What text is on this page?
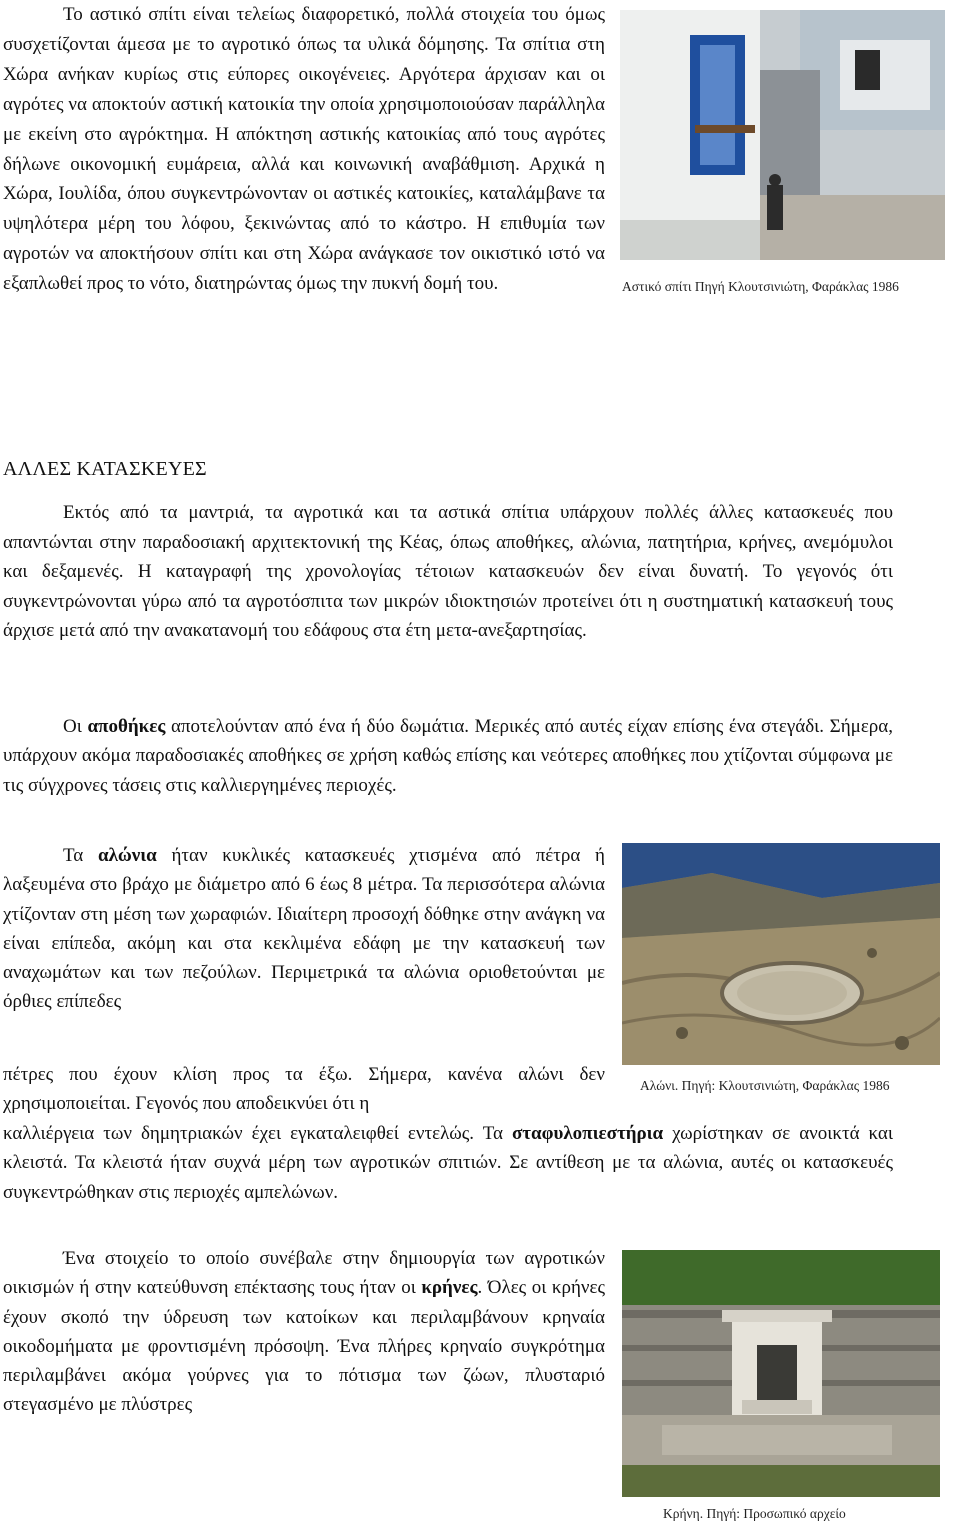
Το αστικό σπίτι είναι τελείως διαφορετικό, πολλά στοιχεία του όμως συσχετίζονται άμεσα με το αγροτικό όπως τα υλικά δόμησης. Τα σπίτια στη Χώρα ανήκαν κυρίως στις εύπορες οικογένειες. Αργότερα άρχισαν και οι αγρότες να αποκτούν αστική κατοικία την οποία χρησιμοποιούσαν παράλληλα με εκείνη στο αγρόκτημα. Η απόκτηση αστικής κατοικίας από τους αγρότες δήλωνε οικονομική ευμάρεια, αλλά και κοινωνική αναβάθμιση. Αρχικά η Χώρα, Ιουλίδα, όπου συγκεντρώνονταν οι αστικές κατοικίες, καταλάμβανε τα υψηλότερα μέρη του λόφου, ξεκινώντας από το κάστρο. Η επιθυμία των αγροτών να αποκτήσουν σπίτι και στη Χώρα ανάγκασε τον οικιστικό ιστό να εξαπλωθεί προς το νότο, διατηρώντας όμως την πυκνή δομή του.	Αστικό σπίτι Πηγή Κλουτσινιώτη, Φαράκλας 1986
ΑΛΛΕΣ ΚΑΤΑΣΚΕΥΕΣ

Εκτός από τα μαντριά, τα αγροτικά και τα αστικά σπίτια υπάρχουν πολλές άλλες κατασκευές που απαντώνται στην παραδοσιακή αρχιτεκτονική της Κέας, όπως αποθήκες, αλώνια, πατητήρια, κρήνες, ανεμόμυλοι και δεξαμενές. Η καταγραφή της χρονολογίας τέτοιων κατασκευών δεν είναι δυνατή. Το γεγονός ότι συγκεντρώνονται γύρω από τα αγροτόσπιτα των μικρών ιδιοκτησιών προτείνει ότι η συστηματική κατασκευή τους άρχισε μετά από την ανακατανομή του εδάφους στα έτη μετα-ανεξαρτησίας.

Οι αποθήκες αποτελούνταν από ένα ή δύο δωμάτια. Μερικές από αυτές είχαν επίσης ένα στεγάδι. Σήμερα, υπάρχουν ακόμα παραδοσιακές αποθήκες σε χρήση καθώς επίσης και νεότερες αποθήκες που χτίζονται σύμφωνα με τις σύγχρονες τάσεις στις καλλιεργημένες περιοχές.

Τα αλώνια ήταν κυκλικές κατασκευές χτισμένα από πέτρα ή λαξευμένα στο βράχο με διάμετρο από 6 έως 8 μέτρα. Τα περισσότερα αλώνια χτίζονταν στη μέση των χωραφιών. Ιδιαίτερη προσοχή δόθηκε στην ανάγκη να είναι επίπεδα, ακόμη και στα κεκλιμένα εδάφη με την κατασκευή των αναχωμάτων και των πεζούλων. Περιμετρικά τα αλώνια οριοθετούνται με όρθιες επίπεδες

πέτρες που έχουν κλίση προς τα έξω. Σήμερα, κανένα αλώνι δεν χρησιμοποιείται. Γεγονός που αποδεικνύει ότι η

Αλώνι. Πηγή: Κλουτσινιώτη, Φαράκλας 1986

καλλιέργεια των δημητριακών έχει εγκαταλειφθεί εντελώς. Τα σταφυλοπιεστήρια χωρίστηκαν σε ανοικτά και κλειστά. Τα κλειστά ήταν συχνά μέρη των αγροτικών σπιτιών. Σε αντίθεση με τα αλώνια, αυτές οι κατασκευές συγκεντρώθηκαν στις περιοχές αμπελώνων.

Ένα στοιχείο το οποίο συνέβαλε στην δημιουργία των αγροτικών οικισμών ή στην κατεύθυνση επέκτασης τους ήταν οι κρήνες. Όλες οι κρήνες έχουν σκοπό την ύδρευση των κατοίκων και περιλαμβάνουν κρηναία οικοδομήματα με φροντισμένη πρόσοψη. Ένα πλήρες κρηναίο συγκρότημα περιλαμβάνει ακόμα γούρνες για το πότισμα των ζώων, πλυσταριό στεγασμένο με πλύστρες

Κρήνη. Πηγή: Προσωπικό αρχείο
